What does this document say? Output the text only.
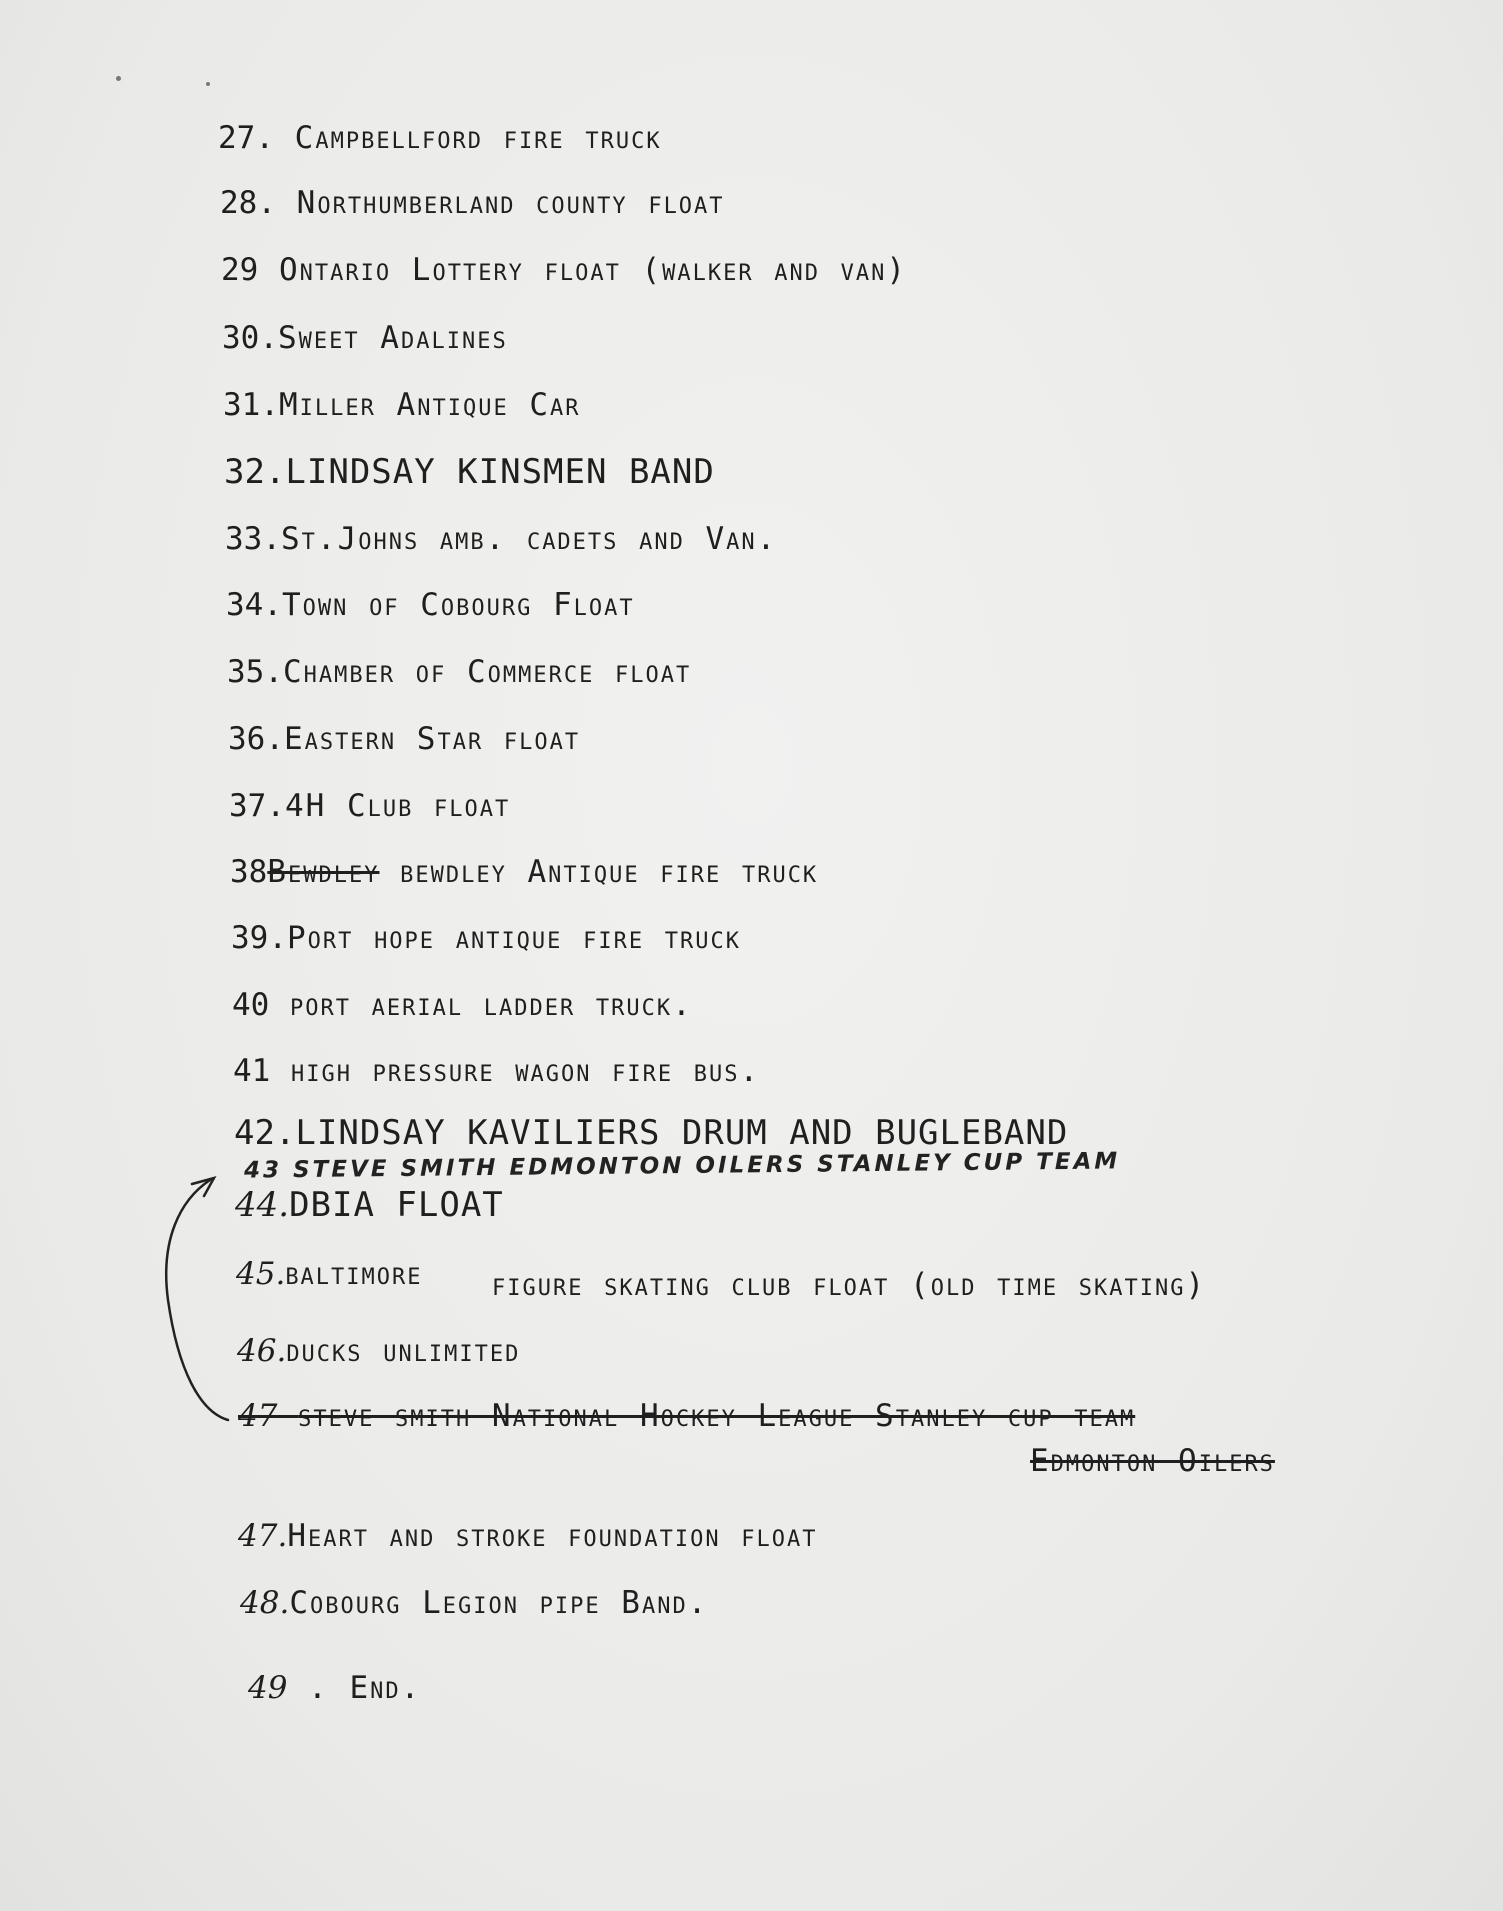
27. Campbellford fire truck
28. Northumberland county float
29 Ontario Lottery float (walker and van)
30.Sweet Adalines
31.Miller Antique Car
32.LINDSAY KINSMEN BAND
33.St.Johns amb. cadets and Van.
34.Town of Cobourg Float
35.Chamber of Commerce float
36.Eastern Star float
37.4H Club float
38Bewdley bewdley Antique fire truck
39.Port hope antique fire truck
40 port aerial ladder truck.
41 high pressure wagon fire bus.
42.LINDSAY KAVILIERS DRUM AND BUGLEBAND
43 STEVE SMITH EDMONTON OILERS STANLEY CUP TEAM
44.DBIA FLOAT
45.baltimore figure skating club float (old time skating)
46.ducks unlimited
47 steve smith National Hockey League Stanley cup team
Edmonton Oilers
47.Heart and stroke foundation float
48.Cobourg Legion pipe Band.
49 . End.
